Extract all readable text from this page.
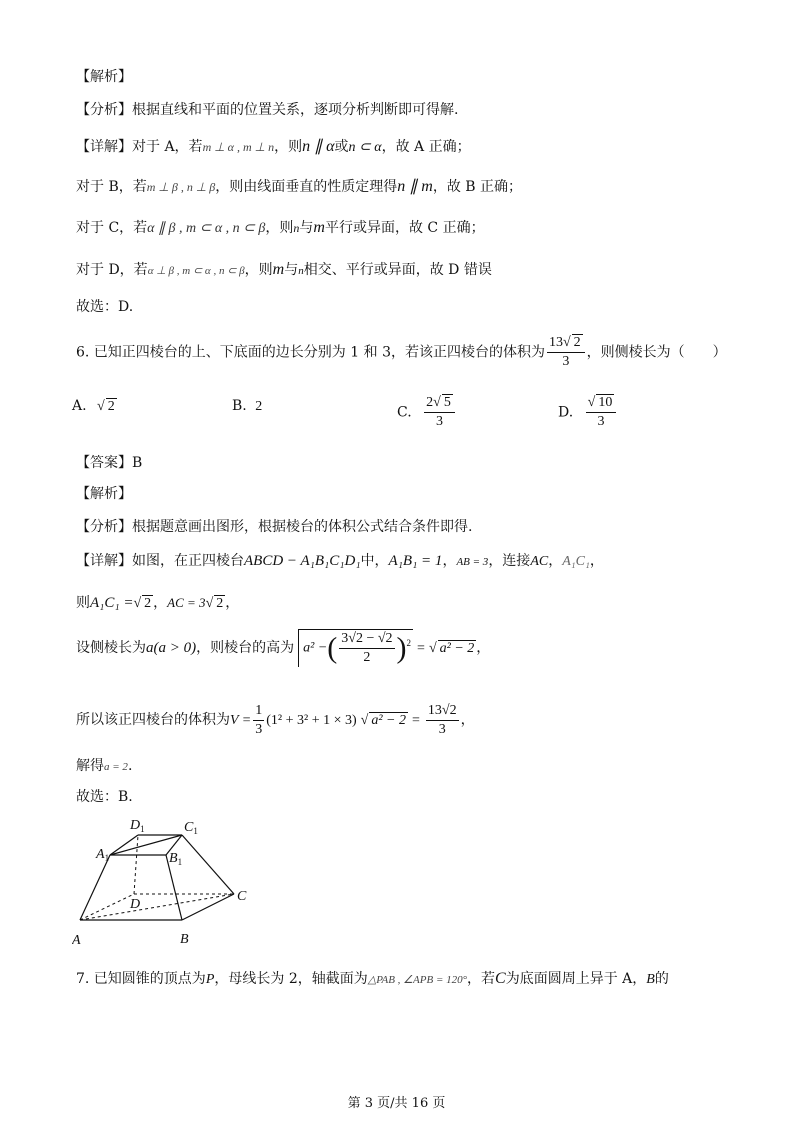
【解析】
【分析】根据直线和平面的位置关系，逐项分析判断即可得解.
【详解】对于 A，若m ⊥ α , m ⊥ n，则n ∥ α或n ⊂ α，故 A 正确；
对于 B，若m ⊥ β , n ⊥ β，则由线面垂直的性质定理得n ∥ m，故 B 正确；
对于 C，若α ∥ β , m ⊂ α , n ⊂ β，则n与m平行或异面，故 C 正确；
对于 D，若α ⊥ β , m ⊂ α , n ⊂ β，则m与n相交、平行或异面，故 D 错误
故选：D.
6. 已知正四棱台的上、下底面的边长分别为 1 和 3，若该正四棱台的体积为 $\frac{13√ 2}{3}$ ，则侧棱长为（　　）
A. √ 2	B. 2	C. $\frac{2√ 5}{3}$	D. $\frac{√ 10}{3}$
【答案】B
【解析】
【分析】根据题意画出图形，根据棱台的体积公式结合条件即得.
【详解】如图，在正四棱台ABCD − A₁B₁C₁D₁中，A₁B₁ = 1，AB = 3，连接AC，A₁C₁，
则A₁C₁ =√ 2 ，AC = 3√ 2 ，
设侧棱长为a(a > 0)，则棱台的高为 a² −( $\frac{3√2 - √2}{2} )^2$ = √ a² − 2 ，
所以该正四棱台的体积为$V = \frac{1}{3} (1^2 + 3^2 + 1 \times 3)$ √ $a^2 - 2 = \frac{13√2}{3}$ ，
解得a = 2.
故选：B.
A	B
C
D
$A_1$	$B_1$
$C_1$
$D_1$
7. 已知圆锥的顶点为P，母线长为 2，轴截面为△PAB , ∠APB = 120°，若C为底面圆周上异于 A，B的
第 3 页/共 16 页
